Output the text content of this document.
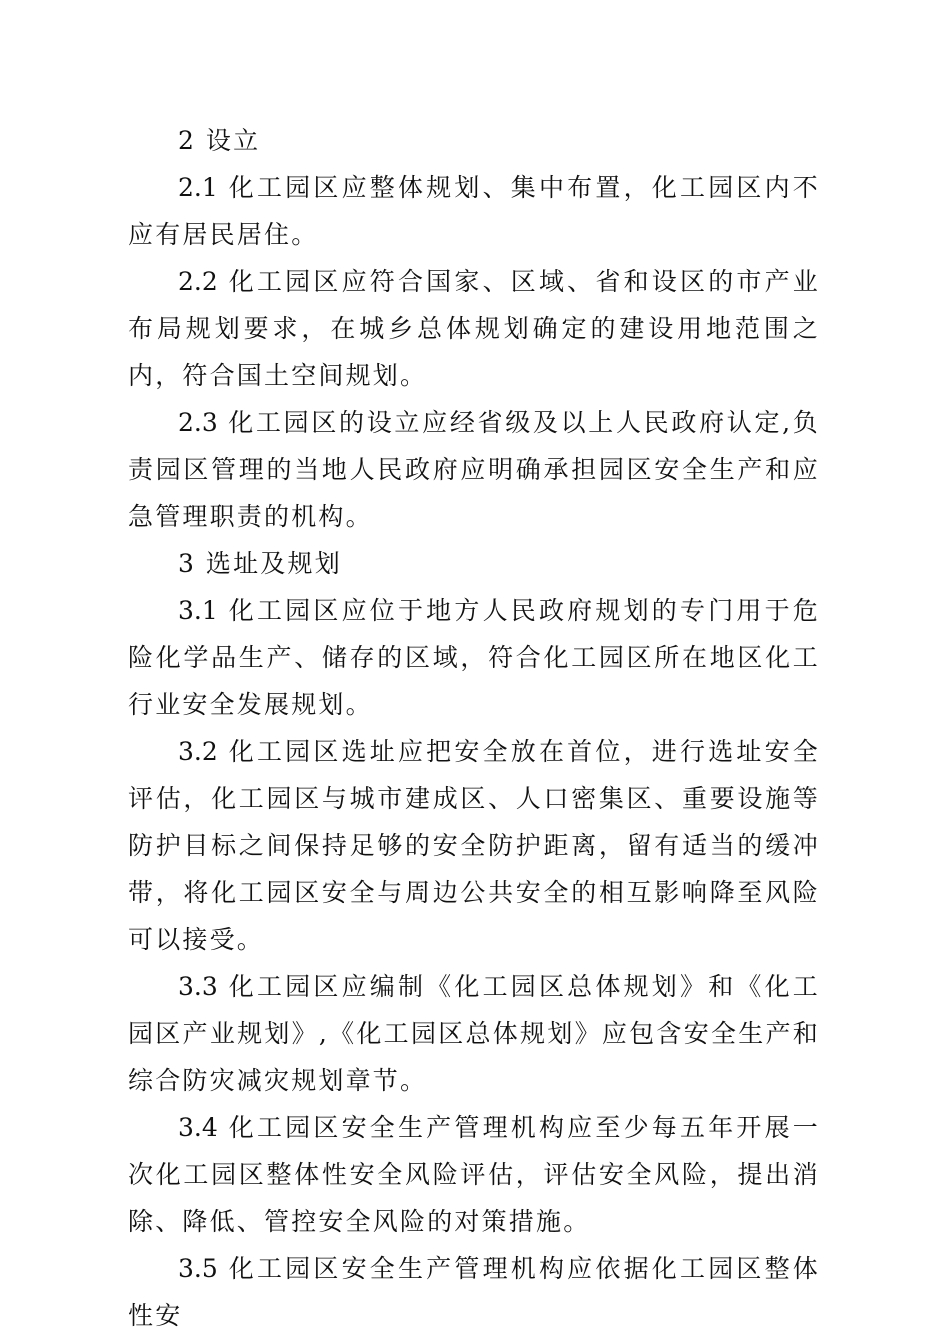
2 设立

2.1 化工园区应整体规划、集中布置，化工园区内不应有居民居住。

2.2 化工园区应符合国家、区域、省和设区的市产业布局规划要求，在城乡总体规划确定的建设用地范围之内，符合国土空间规划。

2.3 化工园区的设立应经省级及以上人民政府认定,负责园区管理的当地人民政府应明确承担园区安全生产和应急管理职责的机构。

3 选址及规划

3.1 化工园区应位于地方人民政府规划的专门用于危险化学品生产、储存的区域，符合化工园区所在地区化工行业安全发展规划。

3.2 化工园区选址应把安全放在首位，进行选址安全评估，化工园区与城市建成区、人口密集区、重要设施等防护目标之间保持足够的安全防护距离，留有适当的缓冲带，将化工园区安全与周边公共安全的相互影响降至风险可以接受。

3.3 化工园区应编制《化工园区总体规划》和《化工园区产业规划》,《化工园区总体规划》应包含安全生产和综合防灾减灾规划章节。

3.4 化工园区安全生产管理机构应至少每五年开展一次化工园区整体性安全风险评估，评估安全风险，提出消除、降低、管控安全风险的对策措施。

3.5 化工园区安全生产管理机构应依据化工园区整体性安
